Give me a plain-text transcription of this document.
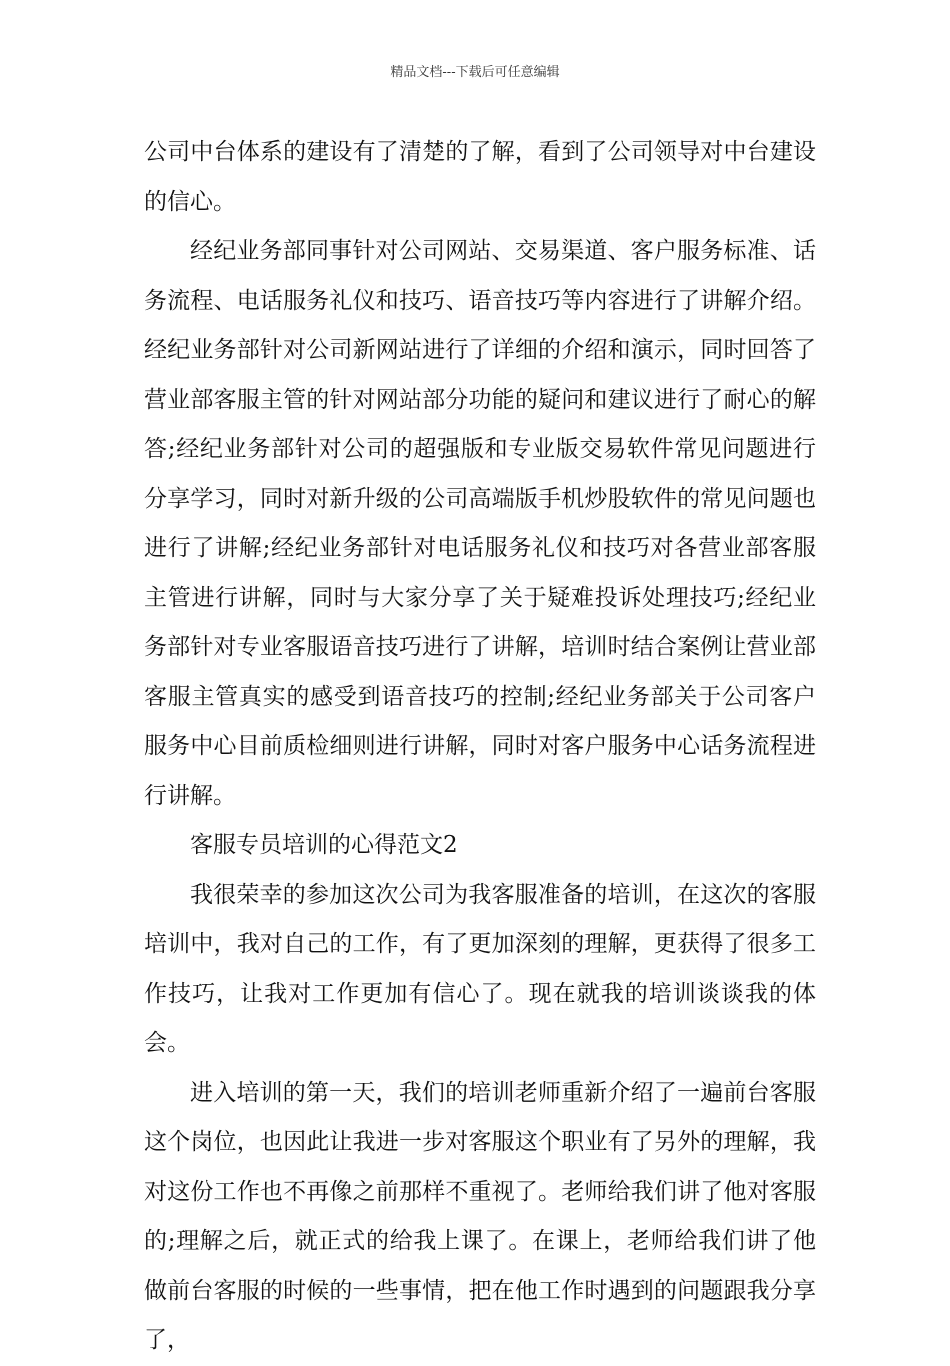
精品文档---下载后可任意编辑

公司中台体系的建设有了清楚的了解，看到了公司领导对中台建设的信心。

经纪业务部同事针对公司网站、交易渠道、客户服务标准、话务流程、电话服务礼仪和技巧、语音技巧等内容进行了讲解介绍。经纪业务部针对公司新网站进行了详细的介绍和演示，同时回答了营业部客服主管的针对网站部分功能的疑问和建议进行了耐心的解答;经纪业务部针对公司的超强版和专业版交易软件常见问题进行分享学习，同时对新升级的公司高端版手机炒股软件的常见问题也进行了讲解;经纪业务部针对电话服务礼仪和技巧对各营业部客服主管进行讲解，同时与大家分享了关于疑难投诉处理技巧;经纪业务部针对专业客服语音技巧进行了讲解，培训时结合案例让营业部客服主管真实的感受到语音技巧的控制;经纪业务部关于公司客户服务中心目前质检细则进行讲解，同时对客户服务中心话务流程进行讲解。

客服专员培训的心得范文2

我很荣幸的参加这次公司为我客服准备的培训，在这次的客服培训中，我对自己的工作，有了更加深刻的理解，更获得了很多工作技巧，让我对工作更加有信心了。现在就我的培训谈谈我的体会。

进入培训的第一天，我们的培训老师重新介绍了一遍前台客服这个岗位，也因此让我进一步对客服这个职业有了另外的理解，我对这份工作也不再像之前那样不重视了。老师给我们讲了他对客服的;理解之后，就正式的给我上课了。在课上，老师给我们讲了他做前台客服的时候的一些事情，把在他工作时遇到的问题跟我分享了，
